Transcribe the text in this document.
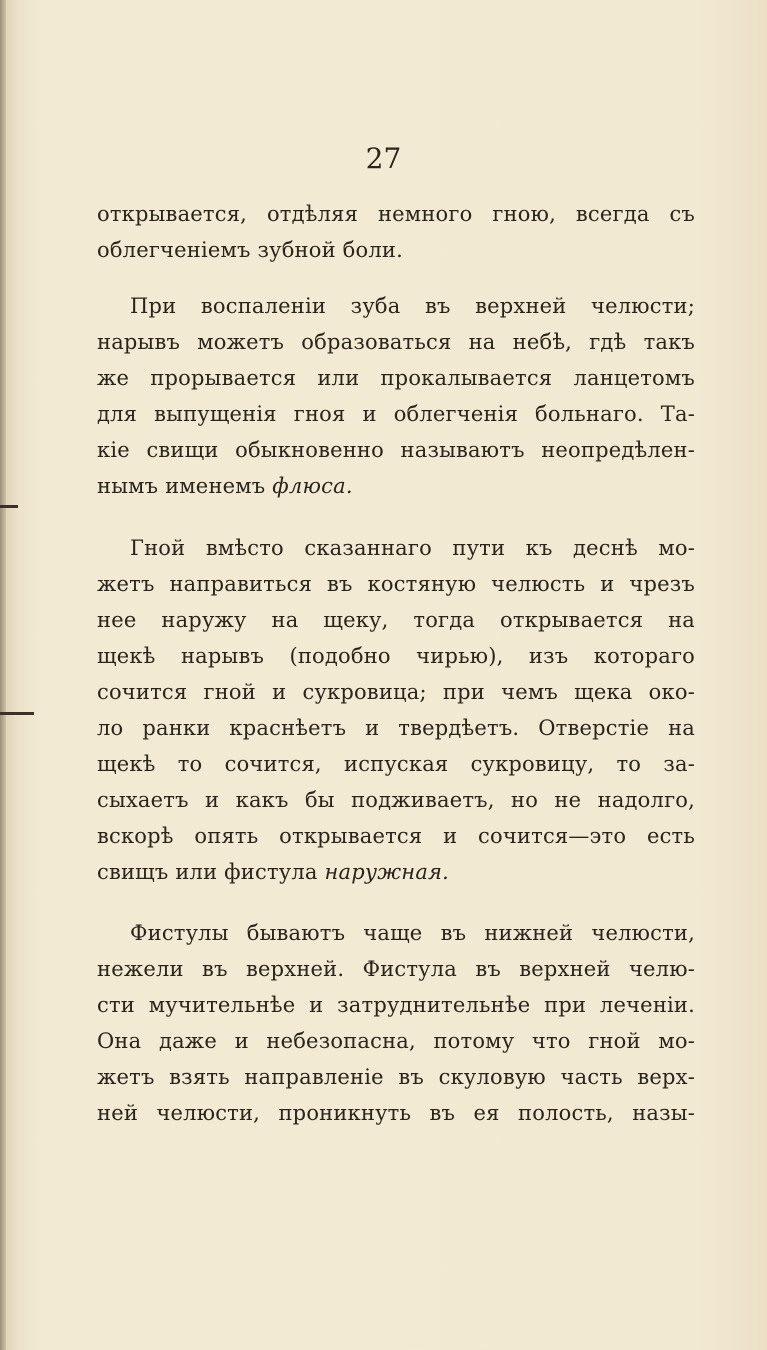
27
открывается, отдѣляя немного гною, всегда съ
облегченіемъ зубной боли.
При воспаленіи зуба въ верхней челюсти;
нарывъ можетъ образоваться на небѣ, гдѣ такъ
же прорывается или прокалывается ланцетомъ
для выпущенія гноя и облегченія больнаго. Та-
кіе свищи обыкновенно называютъ неопредѣлен-
нымъ именемъ флюса.
Гной вмѣсто сказаннаго пути къ деснѣ мо-
жетъ направиться въ костяную челюсть и чрезъ
нее наружу на щеку, тогда открывается на
щекѣ нарывъ (подобно чирью), изъ котораго
сочится гной и сукровица; при чемъ щека око-
ло ранки краснѣетъ и твердѣетъ. Отверстіе на
щекѣ то сочится, испуская сукровицу, то за-
сыхаетъ и какъ бы подживаетъ, но не надолго,
вскорѣ опять открывается и сочится—это есть
свищъ или фистула наружная.
Фистулы бываютъ чаще въ нижней челюсти,
нежели въ верхней. Фистула въ верхней челю-
сти мучительнѣе и затруднительнѣе при леченіи.
Она даже и небезопасна, потому что гной мо-
жетъ взять направленіе въ скуловую часть верх-
ней челюсти, проникнуть въ ея полость, назы-
